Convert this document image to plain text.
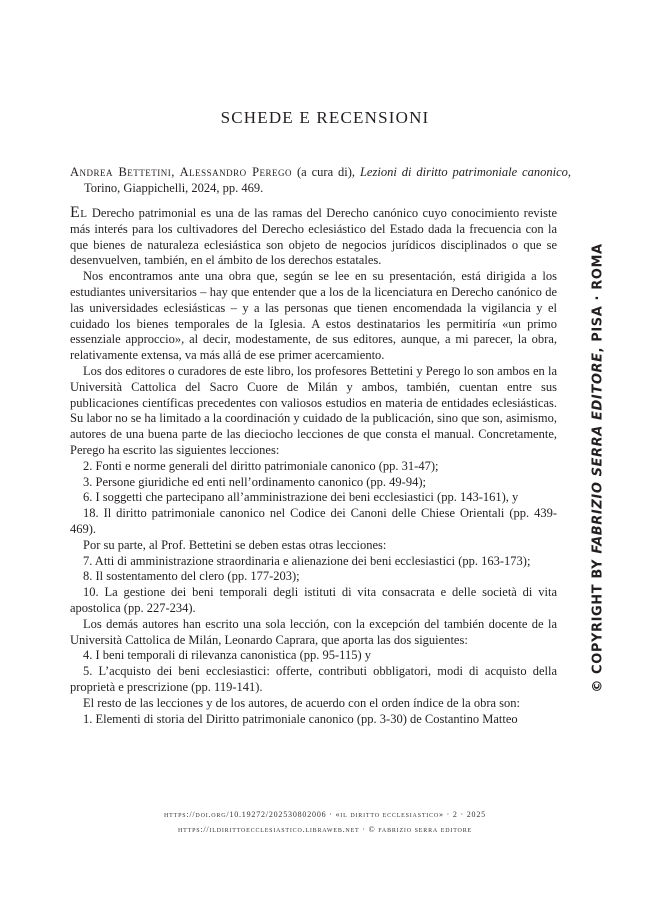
SCHEDE E RECENSIONI
Andrea Bettetini, Alessandro Perego (a cura di), Lezioni di diritto patrimoniale canonico, Torino, Giappichelli, 2024, pp. 469.

El Derecho patrimonial es una de las ramas del Derecho canónico cuyo conocimiento reviste más interés para los cultivadores del Derecho eclesiástico del Estado dada la frecuencia con la que bienes de naturaleza eclesiástica son objeto de negocios jurídicos disciplinados o que se desenvuelven, también, en el ámbito de los derechos estatales.

Nos encontramos ante una obra que, según se lee en su presentación, está dirigida a los estudiantes universitarios – hay que entender que a los de la licenciatura en Derecho canónico de las universidades eclesiásticas – y a las personas que tienen encomendada la vigilancia y el cuidado los bienes temporales de la Iglesia. A estos destinatarios les permitiría «un primo essenziale approccio», al decir, modestamente, de sus editores, aunque, a mi parecer, la obra, relativamente extensa, va más allá de ese primer acercamiento.

Los dos editores o curadores de este libro, los profesores Bettetini y Perego lo son ambos en la Università Cattolica del Sacro Cuore de Milán y ambos, también, cuentan entre sus publicaciones científicas precedentes con valiosos estudios en materia de entidades eclesiásticas. Su labor no se ha limitado a la coordinación y cuidado de la publicación, sino que son, asimismo, autores de una buena parte de las dieciocho lecciones de que consta el manual. Concretamente, Perego ha escrito las siguientes lecciones:

2. Fonti e norme generali del diritto patrimoniale canonico (pp. 31-47);

3. Persone giuridiche ed enti nell’ordinamento canonico (pp. 49-94);

6. I soggetti che partecipano all’amministrazione dei beni ecclesiastici (pp. 143-161), y

18. Il diritto patrimoniale canonico nel Codice dei Canoni delle Chiese Orientali (pp. 439-469).

Por su parte, al Prof. Bettetini se deben estas otras lecciones:

7. Atti di amministrazione straordinaria e alienazione dei beni ecclesiastici (pp. 163-173);

8. Il sostentamento del clero (pp. 177-203);

10. La gestione dei beni temporali degli istituti di vita consacrata e delle società di vita apostolica (pp. 227-234).

Los demás autores han escrito una sola lección, con la excepción del también docente de la Università Cattolica de Milán, Leonardo Caprara, que aporta las dos siguientes:

4. I beni temporali di rilevanza canonistica (pp. 95-115) y

5. L’acquisto dei beni ecclesiastici: offerte, contributi obbligatori, modi di acquisto della proprietà e prescrizione (pp. 119-141).

El resto de las lecciones y de los autores, de acuerdo con el orden índice de la obra son:

1. Elementi di storia del Diritto patrimoniale canonico (pp. 3-30) de Costantino Matteo

https://doi.org/10.19272/202530802006 · «il diritto ecclesiastico» · 2 · 2025
https://ildirittoecclesiastico.libraweb.net · © fabrizio serra editore
© COPYRIGHT BY FABRIZIO SERRA EDITORE, PISA · ROMA
